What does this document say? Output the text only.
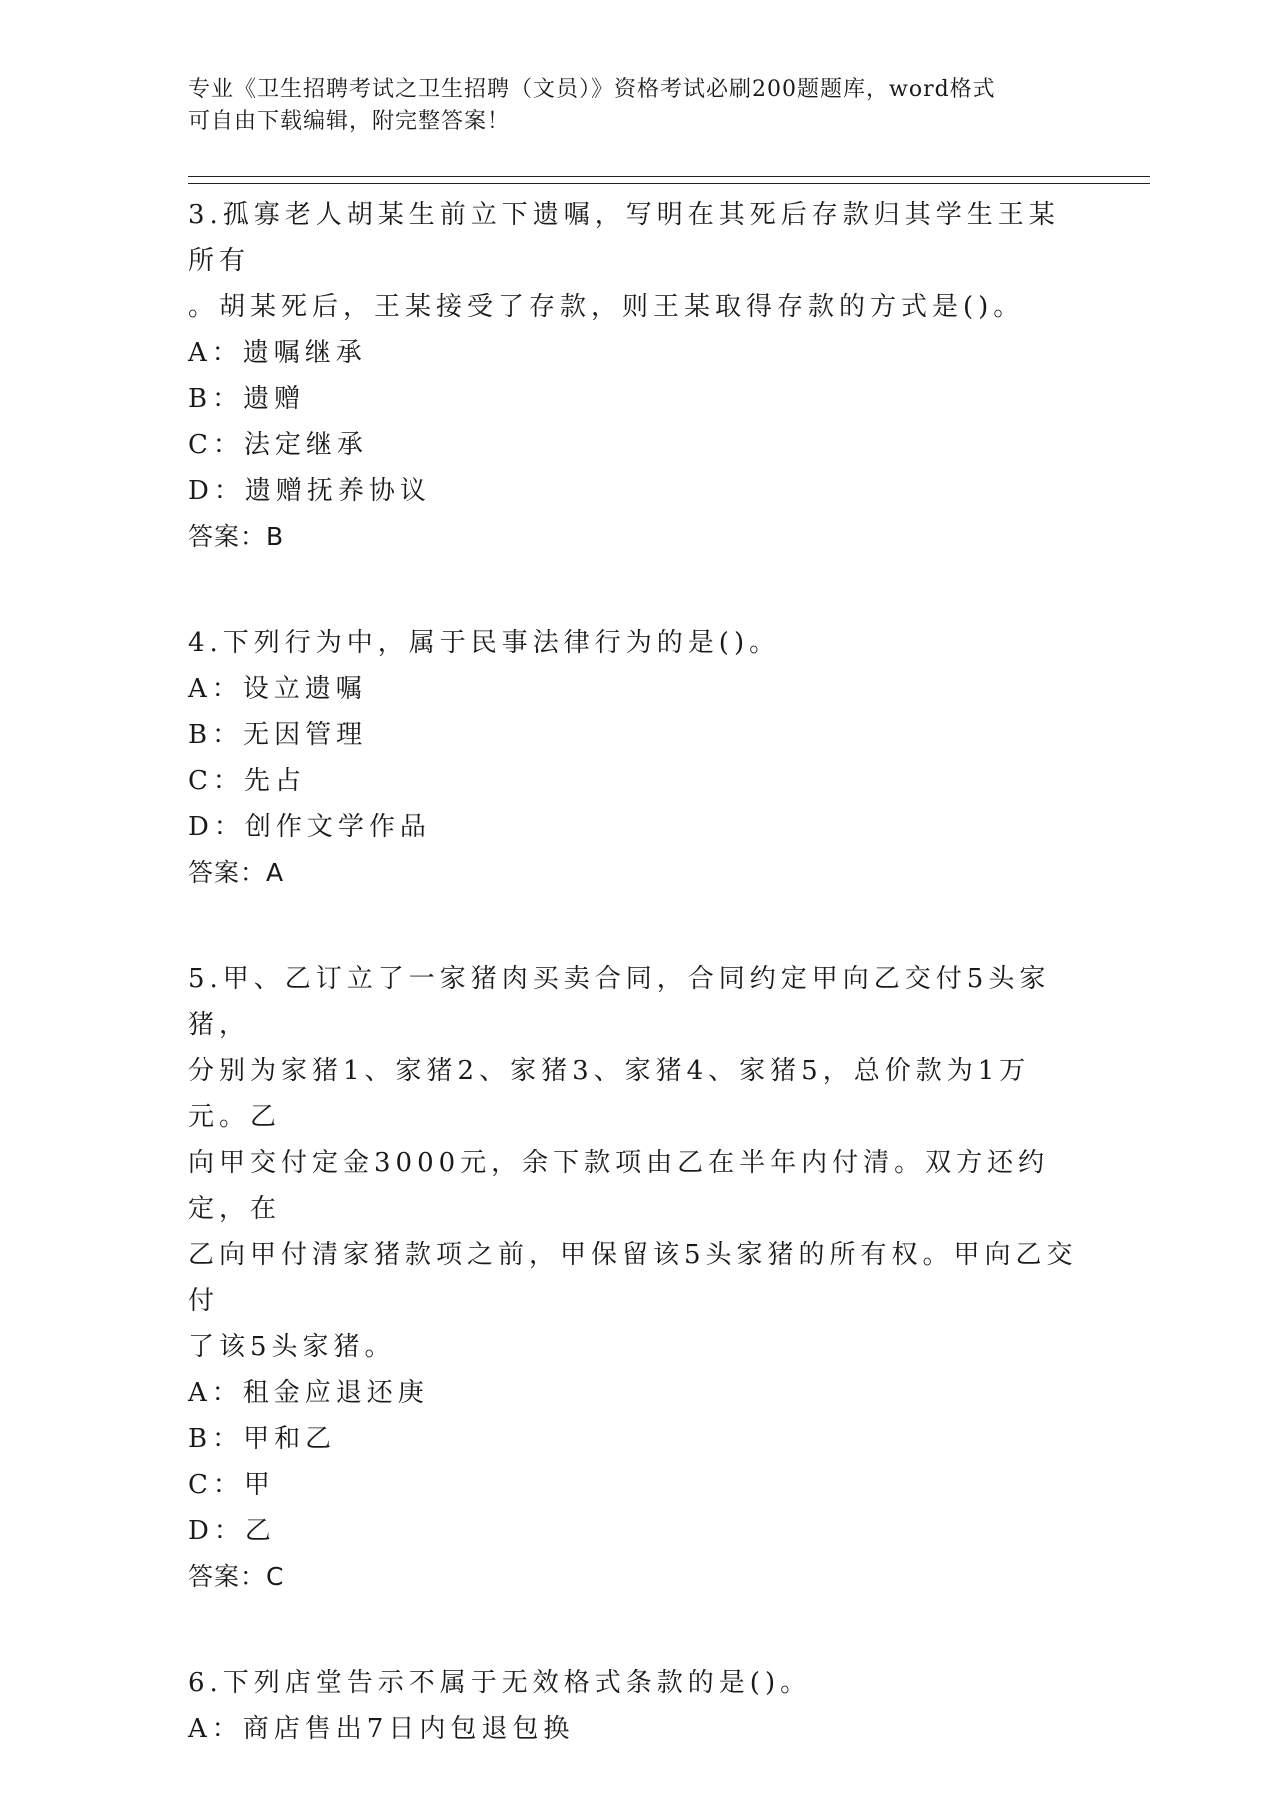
专业《卫生招聘考试之卫生招聘（文员）》资格考试必刷200题题库，word格式
可自由下载编辑，附完整答案！

3.孤寡老人胡某生前立下遗嘱，写明在其死后存款归其学生王某所有

。胡某死后，王某接受了存款，则王某取得存款的方式是()。

A：遗嘱继承

B：遗赠

C：法定继承

D：遗赠抚养协议

答案：B

4.下列行为中，属于民事法律行为的是()。

A：设立遗嘱

B：无因管理

C：先占

D：创作文学作品

答案：A

5.甲、乙订立了一家猪肉买卖合同，合同约定甲向乙交付5头家猪，

分别为家猪1、家猪2、家猪3、家猪4、家猪5，总价款为1万元。乙

向甲交付定金3000元，余下款项由乙在半年内付清。双方还约定，在

乙向甲付清家猪款项之前，甲保留该5头家猪的所有权。甲向乙交付

了该5头家猪。

A：租金应退还庚

B：甲和乙

C：甲

D：乙

答案：C

6.下列店堂告示不属于无效格式条款的是()。

A：商店售出7日内包退包换
